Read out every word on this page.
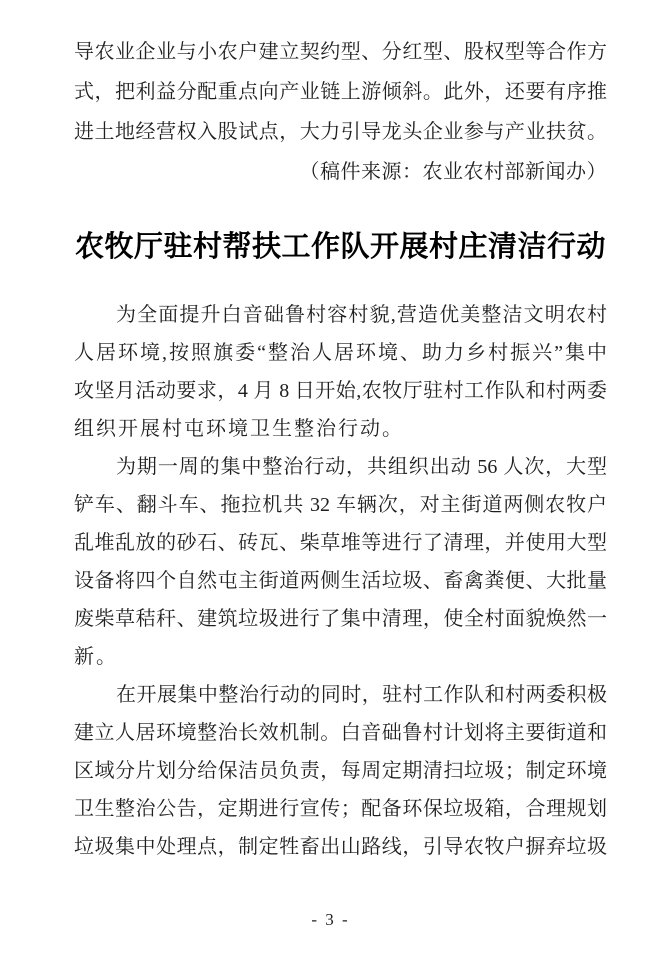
导农业企业与小农户建立契约型、分红型、股权型等合作方
式，把利益分配重点向产业链上游倾斜。此外，还要有序推
进土地经营权入股试点，大力引导龙头企业参与产业扶贫。
（稿件来源：农业农村部新闻办）
农牧厅驻村帮扶工作队开展村庄清洁行动
为全面提升白音础鲁村容村貌,营造优美整洁文明农村
人居环境,按照旗委“整治人居环境、助力乡村振兴”集中
攻坚月活动要求，4 月 8 日开始,农牧厅驻村工作队和村两委
组织开展村屯环境卫生整治行动。
为期一周的集中整治行动，共组织出动 56 人次，大型
铲车、翻斗车、拖拉机共 32 车辆次，对主街道两侧农牧户
乱堆乱放的砂石、砖瓦、柴草堆等进行了清理，并使用大型
设备将四个自然屯主街道两侧生活垃圾、畜禽粪便、大批量
废柴草秸秆、建筑垃圾进行了集中清理，使全村面貌焕然一
新。
在开展集中整治行动的同时，驻村工作队和村两委积极
建立人居环境整治长效机制。白音础鲁村计划将主要街道和
区域分片划分给保洁员负责，每周定期清扫垃圾；制定环境
卫生整治公告，定期进行宣传；配备环保垃圾箱，合理规划
垃圾集中处理点，制定牲畜出山路线，引导农牧户摒弃垃圾
- 3 -
